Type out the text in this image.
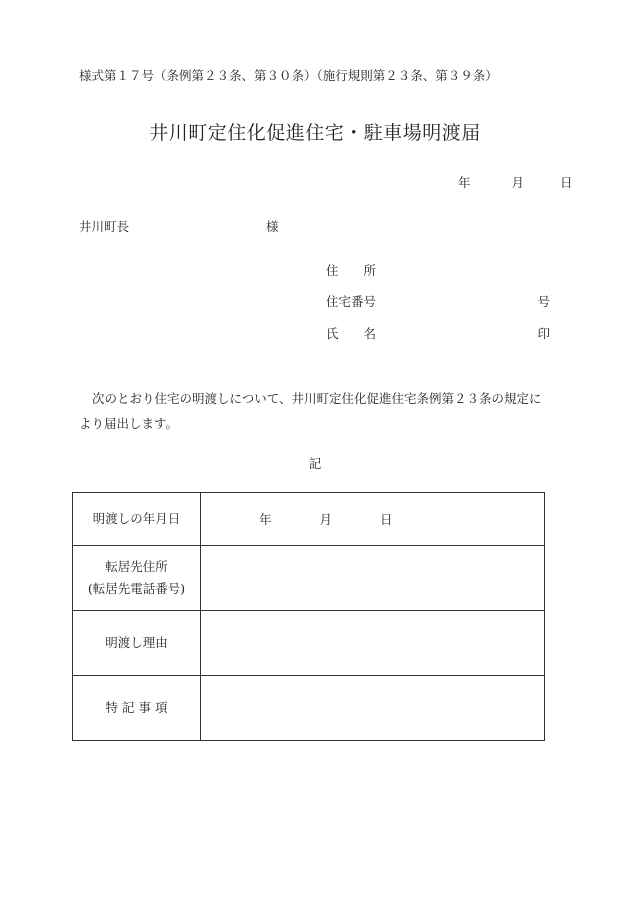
様式第１７号（条例第２３条、第３０条）（施行規則第２３条、第３９条）
井川町定住化促進住宅・駐車場明渡届
年	月	日
井川町長	様
住　　所
住宅番号	号
氏　　名	印
次のとおり住宅の明渡しについて、井川町定住化促進住宅条例第２３条の規定により届出します。
記
明渡しの年月日	年 月 日

転居先住所
(転居先電話番号)	

明渡し理由	
特 記 事 項	
